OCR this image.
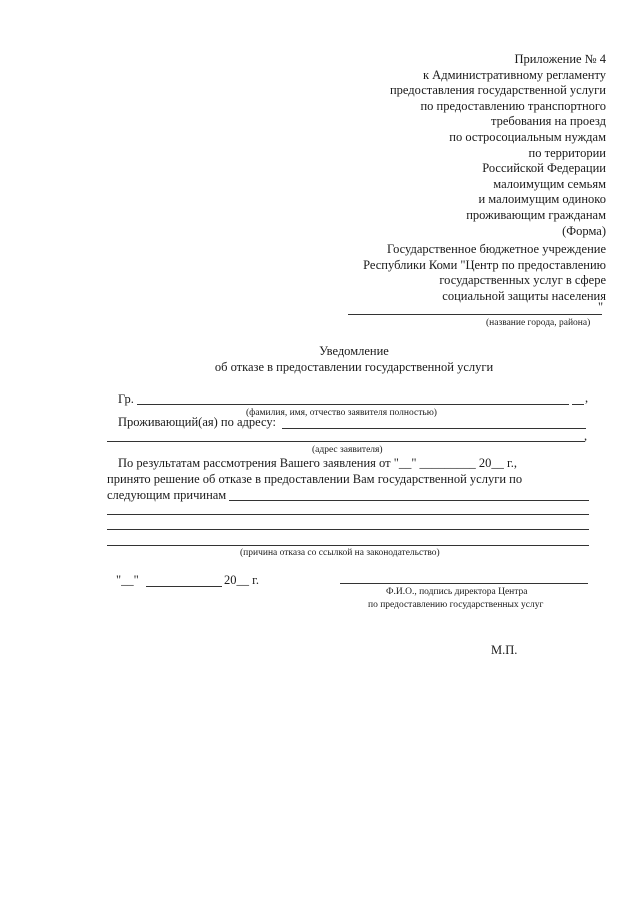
Приложение № 4
к Административному регламенту
предоставления государственной услуги
по предоставлению транспортного
требования на проезд
по остросоциальным нуждам
по территории
Российской Федерации
малоимущим семьям
и малоимущим одиноко
проживающим гражданам
(Форма)
Государственное бюджетное учреждение
Республики Коми "Центр по предоставлению
государственных услуг в сфере
социальной защиты населения
"
(название города, района)
Уведомление
об отказе в предоставлении государственной услуги
Гр.	,
(фамилия, имя, отчество заявителя полностью)
Проживающий(ая) по адресу:
,
(адрес заявителя)
По результатам рассмотрения Вашего заявления от "__" _________ 20__ г.,
принято решение об отказе в предоставлении Вам государственной услуги по
следующим причинам
(причина отказа со ссылкой на законодательство)
"__"	20__ г.
Ф.И.О., подпись директора Центра
по предоставлению государственных услуг
М.П.
